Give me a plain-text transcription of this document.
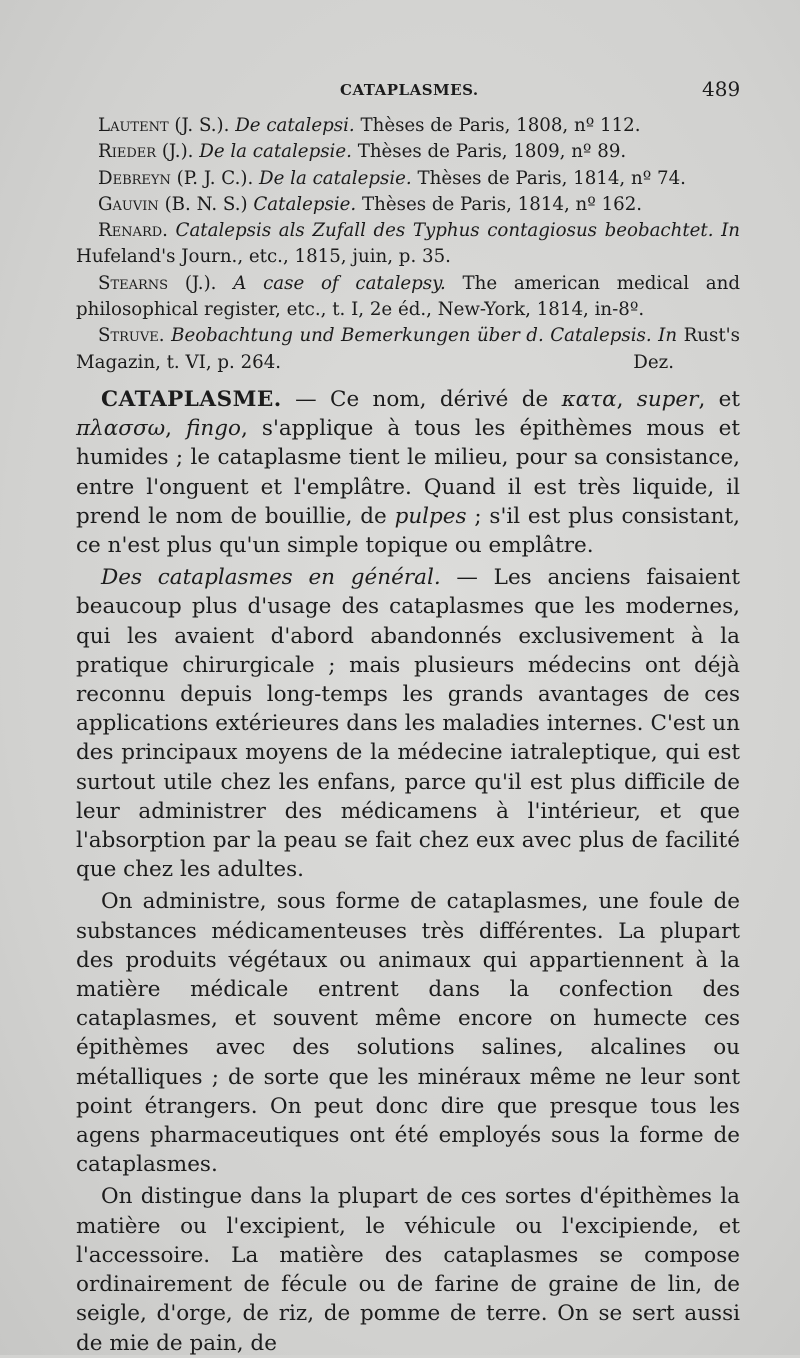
CATAPLASMES.	489

Lautent (J. S.). De catalepsi. Thèses de Paris, 1808, nº 112.

Rieder (J.). De la catalepsie. Thèses de Paris, 1809, nº 89.

Debreyn (P. J. C.). De la catalepsie. Thèses de Paris, 1814, nº 74.

Gauvin (B. N. S.) Catalepsie. Thèses de Paris, 1814, nº 162.

Renard. Catalepsis als Zufall des Typhus contagiosus beobachtet. In Hufeland's Journ., etc., 1815, juin, p. 35.

Stearns (J.). A case of catalepsy. The american medical and philosophical register, etc., t. I, 2e éd., New-York, 1814, in-8º.

Struve. Beobachtung und Bemerkungen über d. Catalepsis. In Rust's Magazin, t. VI, p. 264.	Dez.

CATAPLASME. — Ce nom, dérivé de κατα, super, et πλασσω, fingo, s'applique à tous les épithèmes mous et humides ; le cataplasme tient le milieu, pour sa consistance, entre l'onguent et l'emplâtre. Quand il est très liquide, il prend le nom de bouillie, de pulpes ; s'il est plus consistant, ce n'est plus qu'un simple topique ou emplâtre.

Des cataplasmes en général. — Les anciens faisaient beaucoup plus d'usage des cataplasmes que les modernes, qui les avaient d'abord abandonnés exclusivement à la pratique chirurgicale ; mais plusieurs médecins ont déjà reconnu depuis long-temps les grands avantages de ces applications extérieures dans les maladies internes. C'est un des principaux moyens de la médecine iatraleptique, qui est surtout utile chez les enfans, parce qu'il est plus difficile de leur administrer des médicamens à l'intérieur, et que l'absorption par la peau se fait chez eux avec plus de facilité que chez les adultes.

On administre, sous forme de cataplasmes, une foule de substances médicamenteuses très différentes. La plupart des produits végétaux ou animaux qui appartiennent à la matière médicale entrent dans la confection des cataplasmes, et souvent même encore on humecte ces épithèmes avec des solutions salines, alcalines ou métalliques ; de sorte que les minéraux même ne leur sont point étrangers. On peut donc dire que presque tous les agens pharmaceutiques ont été employés sous la forme de cataplasmes.

On distingue dans la plupart de ces sortes d'épithèmes la matière ou l'excipient, le véhicule ou l'excipiende, et l'accessoire. La matière des cataplasmes se compose ordinairement de fécule ou de farine de graine de lin, de seigle, d'orge, de riz, de pomme de terre. On se sert aussi de mie de pain, de
